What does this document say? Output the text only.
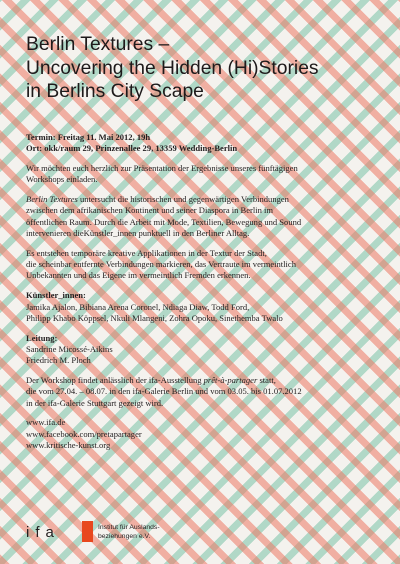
Berlin Textures –
Uncovering the Hidden (Hi)Stories
in Berlins City Scape

Termin: Freitag 11. Mai 2012, 19h
Ort: okk/raum 29, Prinzenallee 29, 13359 Wedding-Berlin

Wir möchten euch herzlich zur Präsentation der Ergebnisse unseres fünftägigen
Workshops einladen.

Berlin Textures untersucht die historischen und gegenwärtigen Verbindungen
zwischen dem afrikanischen Kontinent und seiner Diaspora in Berlin im
öffentlichen Raum. Durch die Arbeit mit Mode, Textilien, Bewegung und Sound
intervenieren dieKünstler_innen punktuell in den Berliner Alltag.

Es entstehen temporäre kreative Applikationen in der Textur der Stadt,
die scheinbar entfernte Verbindungen markieren, das Vertraute im vermeintlich
Unbekannten und das Eigene im vermeintlich Fremden erkennen.

Künstler_innen:
Jamika Ajalon, Bibiana Arena Coronel, Ndiaga Diaw, Todd Ford,
Philipp Khabo Köppsel, Nkuli Mlangeni, Zohra Opoku, Sinethemba Twalo

Leitung:
Sandrine Micossé-Aikins
Friedrich M. Ploch

Der Workshop findet anlässlich der ifa-Ausstellung prêt-à-partager statt,
die vom 27.04. – 08.07. in den ifa-Galerie Berlin und vom 03.05. bis 01.07.2012
in der ifa-Galerie Stuttgart gezeigt wird.

www.ifa.de
www.facebook.com/pretapartager
www.kritische-kunst.org

ifa	Institut für Auslands-
beziehungen e.V.
